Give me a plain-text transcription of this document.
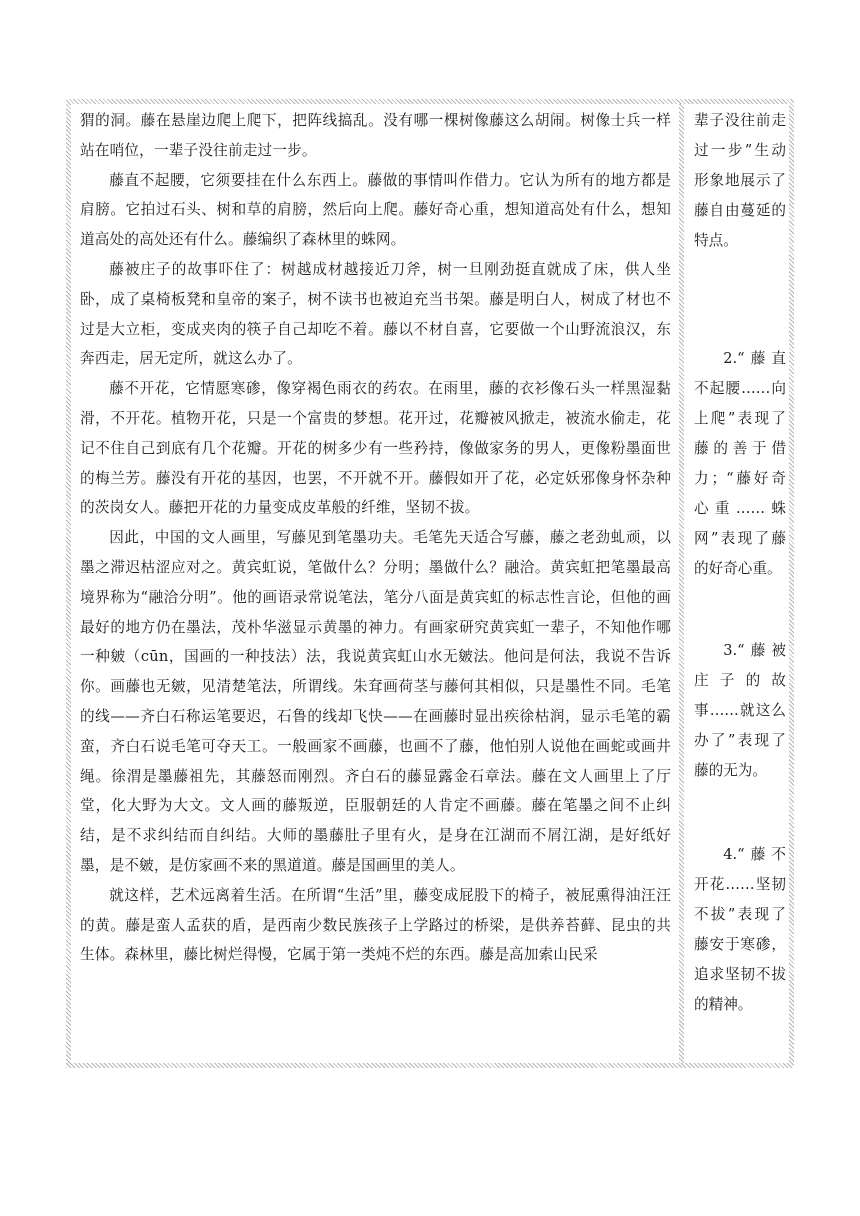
猬的洞。藤在悬崖边爬上爬下，把阵线搞乱。没有哪一棵树像藤这么胡闹。树像士兵一样站在哨位，一辈子没往前走过一步。

藤直不起腰，它须要挂在什么东西上。藤做的事情叫作借力。它认为所有的地方都是肩膀。它拍过石头、树和草的肩膀，然后向上爬。藤好奇心重，想知道高处有什么，想知道高处的高处还有什么。藤编织了森林里的蛛网。

藤被庄子的故事吓住了：树越成材越接近刀斧，树一旦刚劲挺直就成了床，供人坐卧，成了桌椅板凳和皇帝的案子，树不读书也被迫充当书架。藤是明白人，树成了材也不过是大立柜，变成夹肉的筷子自己却吃不着。藤以不材自喜，它要做一个山野流浪汉，东奔西走，居无定所，就这么办了。

藤不开花，它情愿寒碜，像穿褐色雨衣的药农。在雨里，藤的衣衫像石头一样黑湿黏滑，不开花。植物开花，只是一个富贵的梦想。花开过，花瓣被风掀走，被流水偷走，花记不住自己到底有几个花瓣。开花的树多少有一些矜持，像做家务的男人，更像粉墨面世的梅兰芳。藤没有开花的基因，也罢，不开就不开。藤假如开了花，必定妖邪像身怀杂种的茨岗女人。藤把开花的力量变成皮革般的纤维，坚韧不拔。

因此，中国的文人画里，写藤见到笔墨功夫。毛笔先天适合写藤，藤之老劲虬顽，以墨之滞迟枯涩应对之。黄宾虹说，笔做什么？分明；墨做什么？融洽。黄宾虹把笔墨最高境界称为“融洽分明”。他的画语录常说笔法，笔分八面是黄宾虹的标志性言论，但他的画最好的地方仍在墨法，茂朴华滋显示黄墨的神力。有画家研究黄宾虹一辈子，不知他作哪一种皴（cūn，国画的一种技法）法，我说黄宾虹山水无皴法。他问是何法，我说不告诉你。画藤也无皴，见清楚笔法，所谓线。朱耷画荷茎与藤何其相似，只是墨性不同。毛笔的线——齐白石称运笔要迟，石鲁的线却飞快——在画藤时显出疾徐枯润，显示毛笔的霸蛮，齐白石说毛笔可夺天工。一般画家不画藤，也画不了藤，他怕别人说他在画蛇或画井绳。徐渭是墨藤祖先，其藤怒而刚烈。齐白石的藤显露金石章法。藤在文人画里上了厅堂，化大野为大文。文人画的藤叛逆，臣服朝廷的人肯定不画藤。藤在笔墨之间不止纠结，是不求纠结而自纠结。大师的墨藤肚子里有火，是身在江湖而不屑江湖，是好纸好墨，是不皴，是仿家画不来的黑道道。藤是国画里的美人。

就这样，艺术远离着生活。在所谓“生活”里，藤变成屁股下的椅子，被屁熏得油汪汪的黄。藤是蛮人孟获的盾，是西南少数民族孩子上学路过的桥梁，是供养苔藓、昆虫的共生体。森林里，藤比树烂得慢，它属于第一类炖不烂的东西。藤是高加索山民采

辈子没往前走过一步”生动形象地展示了藤自由蔓延的特点。

2.“藤直不起腰……向上爬”表现了藤的善于借力；“藤好奇心重……蛛网”表现了藤的好奇心重。

3.“藤被庄子的故事……就这么办了”表现了藤的无为。

4.“藤不开花……坚韧不拔”表现了藤安于寒碜，追求坚韧不拔的精神。
